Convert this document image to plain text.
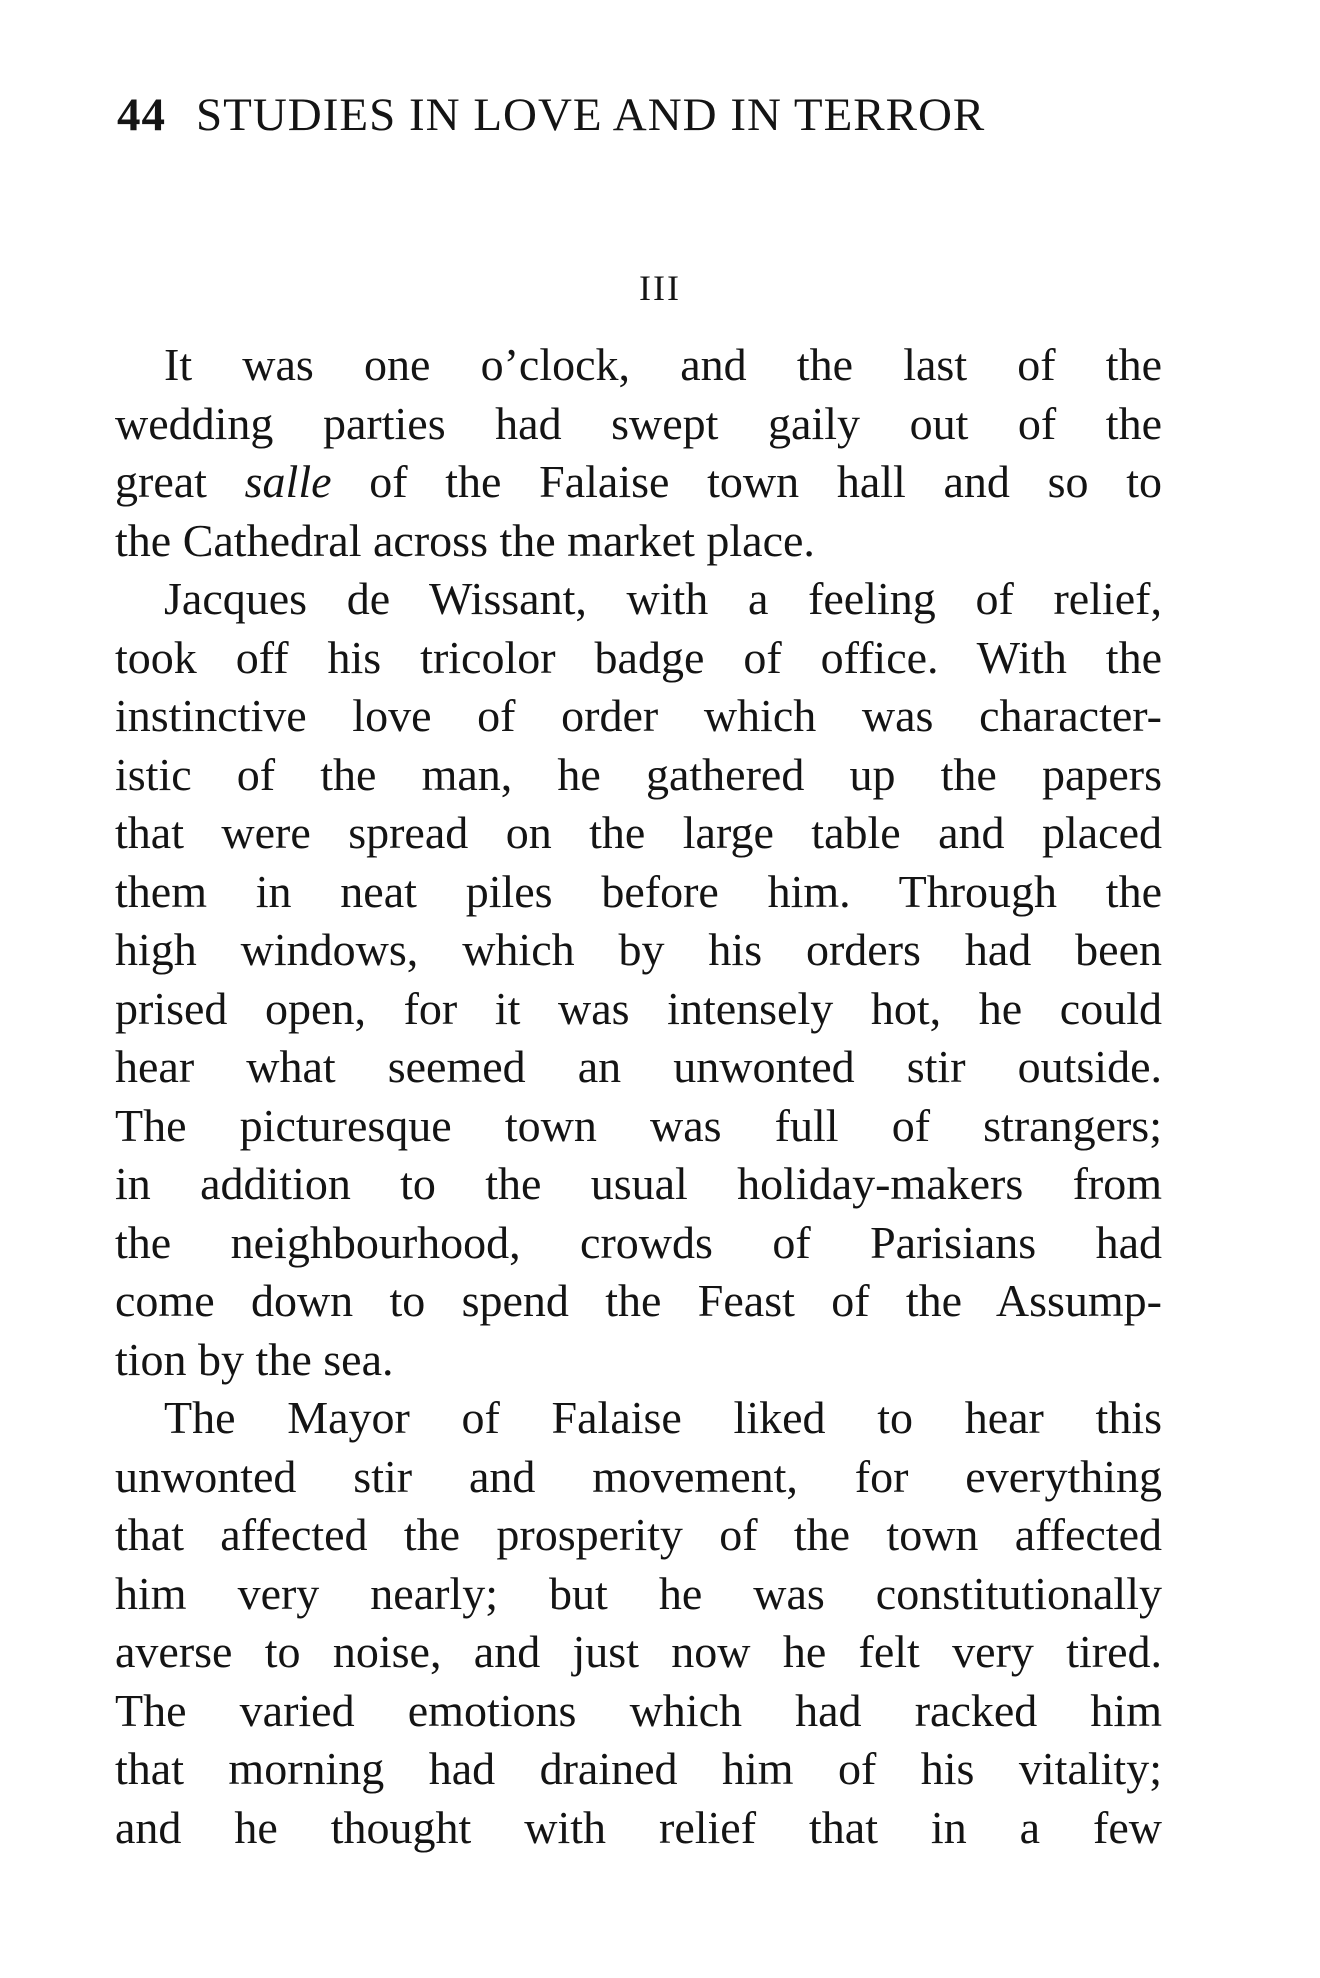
44 STUDIES IN LOVE AND IN TERROR
III
It was one o’clock, and the last of the
wedding parties had swept gaily out of the
great salle of the Falaise town hall and so to
the Cathedral across the market place.
Jacques de Wissant, with a feeling of relief,
took off his tricolor badge of office. With the
instinctive love of order which was character-
istic of the man, he gathered up the papers
that were spread on the large table and placed
them in neat piles before him. Through the
high windows, which by his orders had been
prised open, for it was intensely hot, he could
hear what seemed an unwonted stir outside.
The picturesque town was full of strangers;
in addition to the usual holiday-makers from
the neighbourhood, crowds of Parisians had
come down to spend the Feast of the Assump-
tion by the sea.
The Mayor of Falaise liked to hear this
unwonted stir and movement, for everything
that affected the prosperity of the town affected
him very nearly; but he was constitutionally
averse to noise, and just now he felt very tired.
The varied emotions which had racked him
that morning had drained him of his vitality;
and he thought with relief that in a few
